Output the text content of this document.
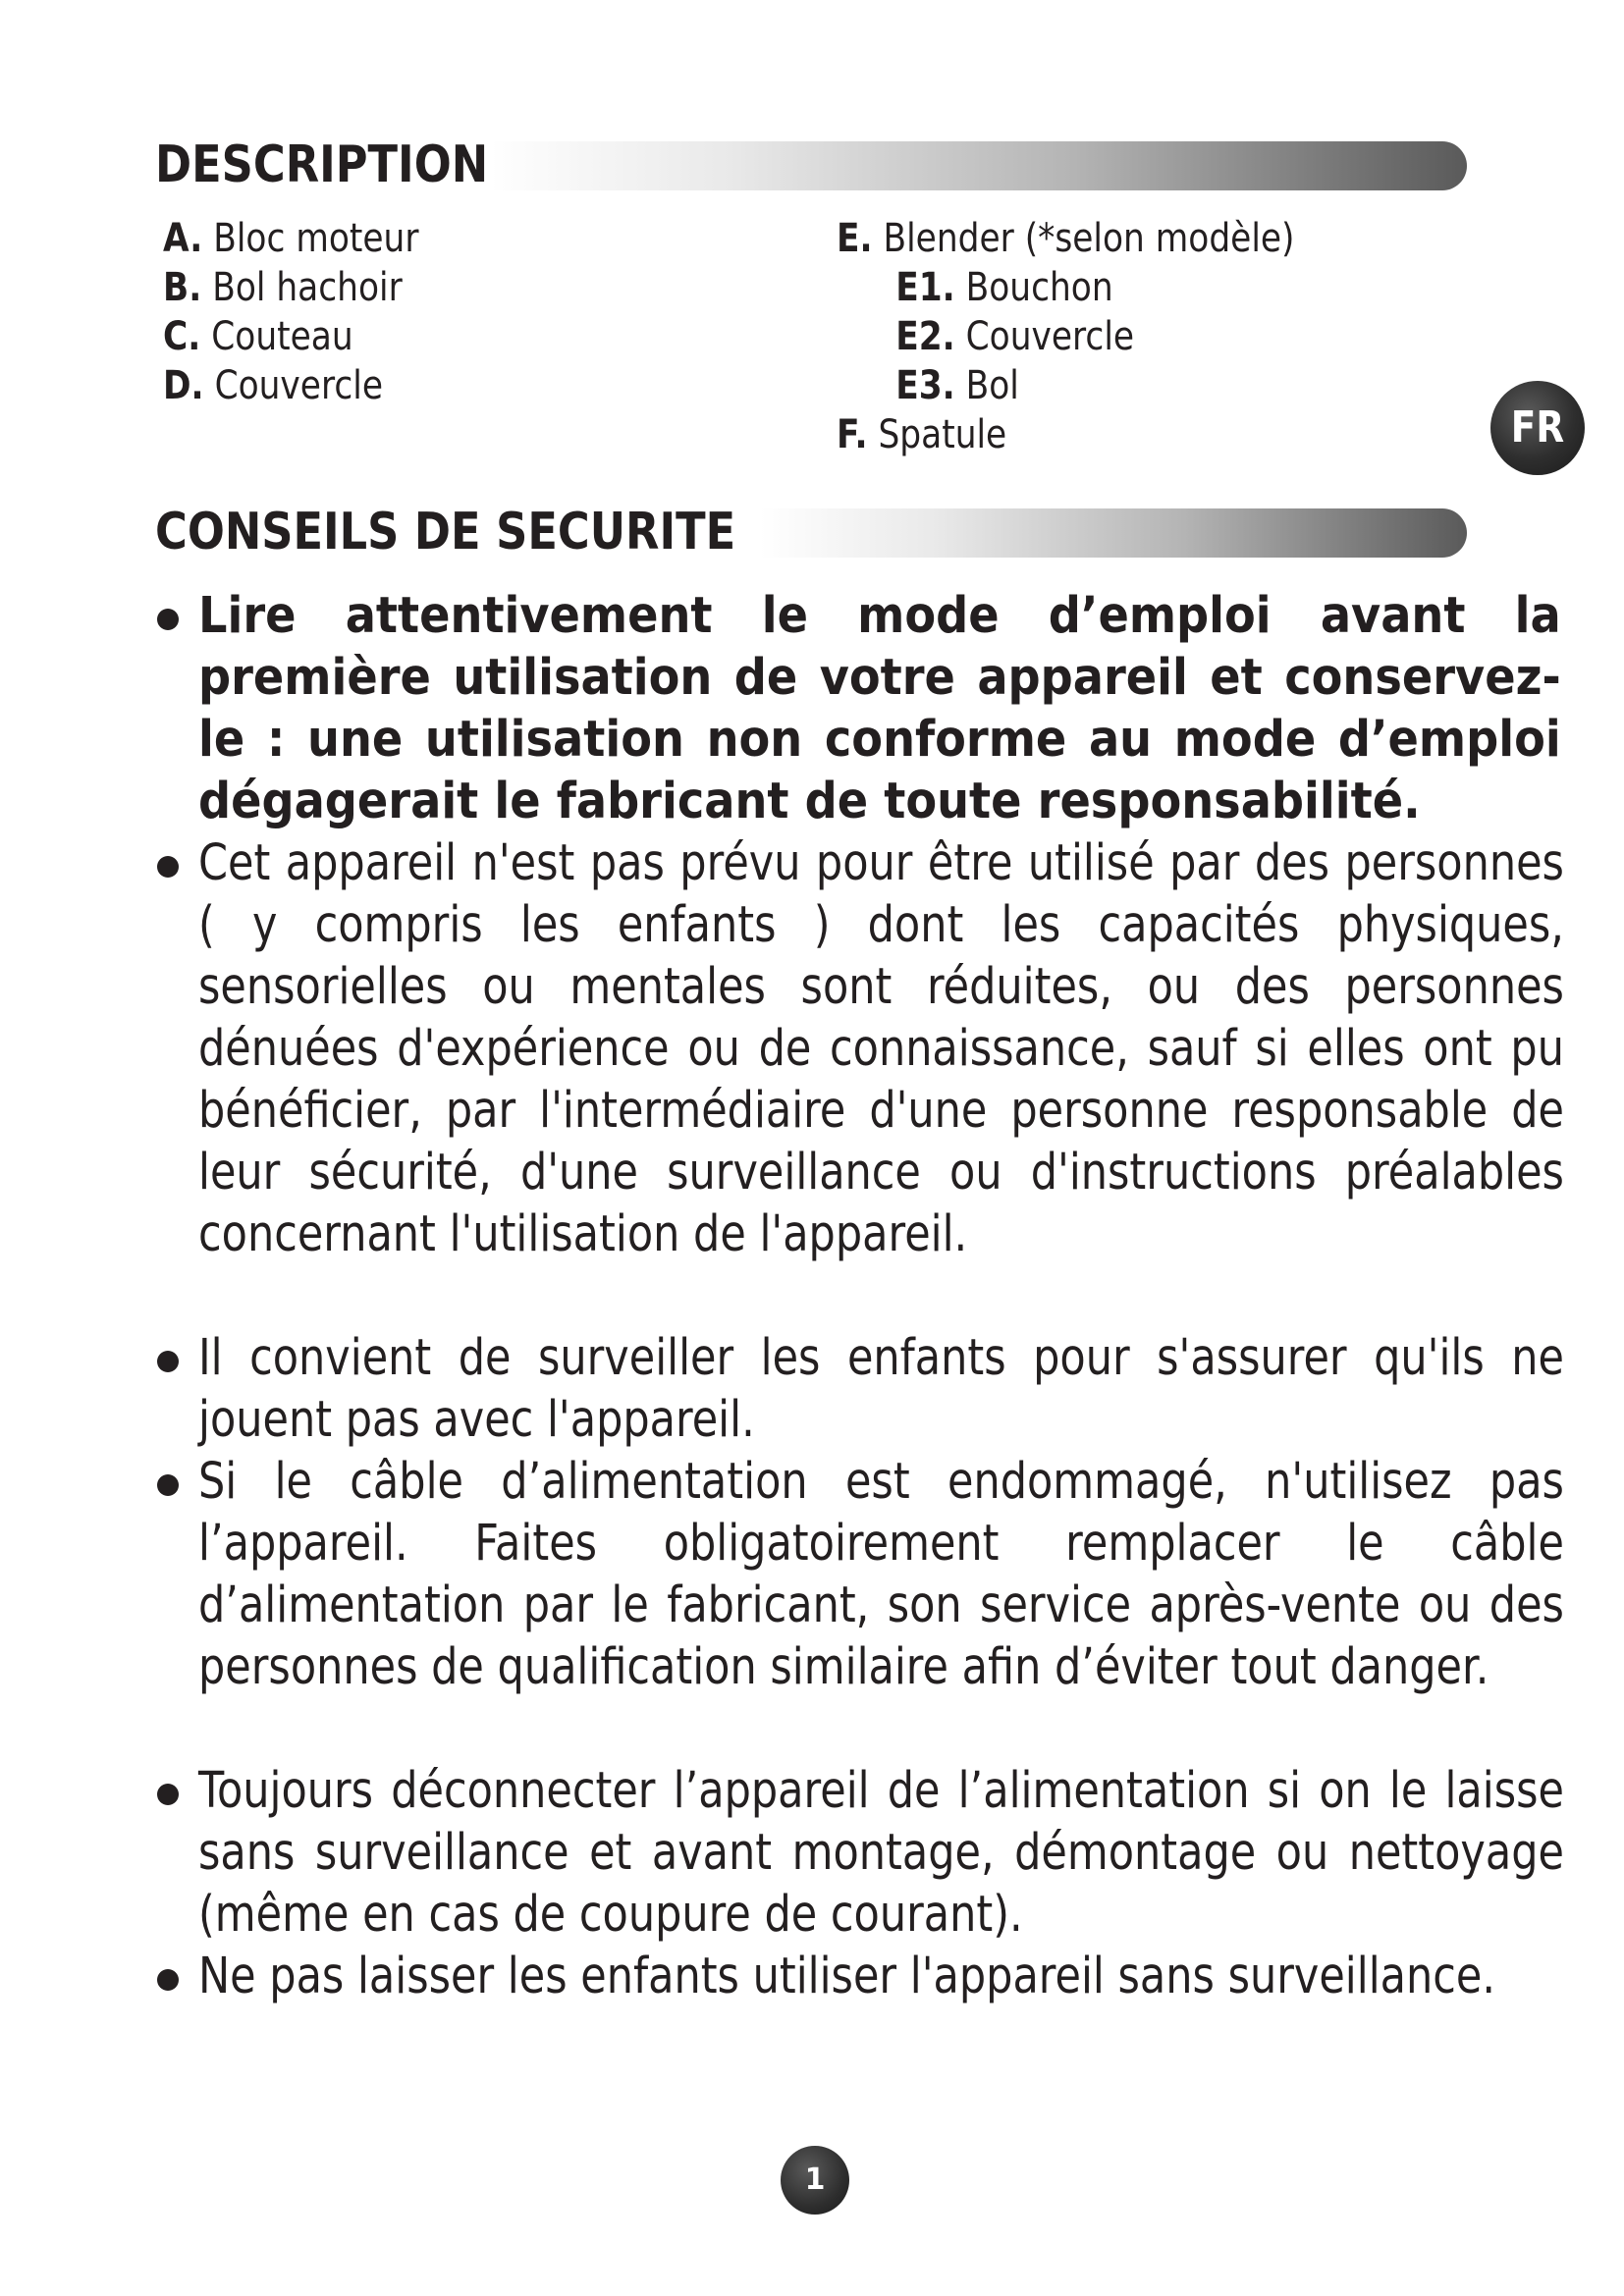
DESCRIPTION
A. Bloc moteur
B. Bol hachoir
C. Couteau
D. Couvercle
E. Blender (*selon modèle)
E1. Bouchon
E2. Couvercle
E3. Bol
F. Spatule	FR
CONSEILS DE SECURITE
Lire attentivement le mode d’emploi avant la première utilisation de votre appareil et conservez-le : une utilisation non conforme au mode d’emploi dégagerait le fabricant de toute responsabilité.
Cet appareil n'est pas prévu pour être utilisé par des personnes ( y compris les enfants ) dont les capacités physiques, sensorielles ou mentales sont réduites, ou des personnes dénuées d'expérience ou de connaissance, sauf si elles ont pu bénéficier, par l'intermédiaire d'une personne responsable de leur sécurité, d'une surveillance ou d'instructions préalables concernant l'utilisation de l'appareil.
Il convient de surveiller les enfants pour s'assurer qu'ils ne jouent pas avec l'appareil.
Si le câble d’alimentation est endommagé, n'utilisez pas l’appareil. Faites obligatoirement remplacer le câble d’alimentation par le fabricant, son service après-vente ou des personnes de qualification similaire afin d’éviter tout danger.
Toujours déconnecter l’appareil de l’alimentation si on le laisse sans surveillance et avant montage, démontage ou nettoyage (même en cas de coupure de courant).
Ne pas laisser les enfants utiliser l'appareil sans surveillance.
1
